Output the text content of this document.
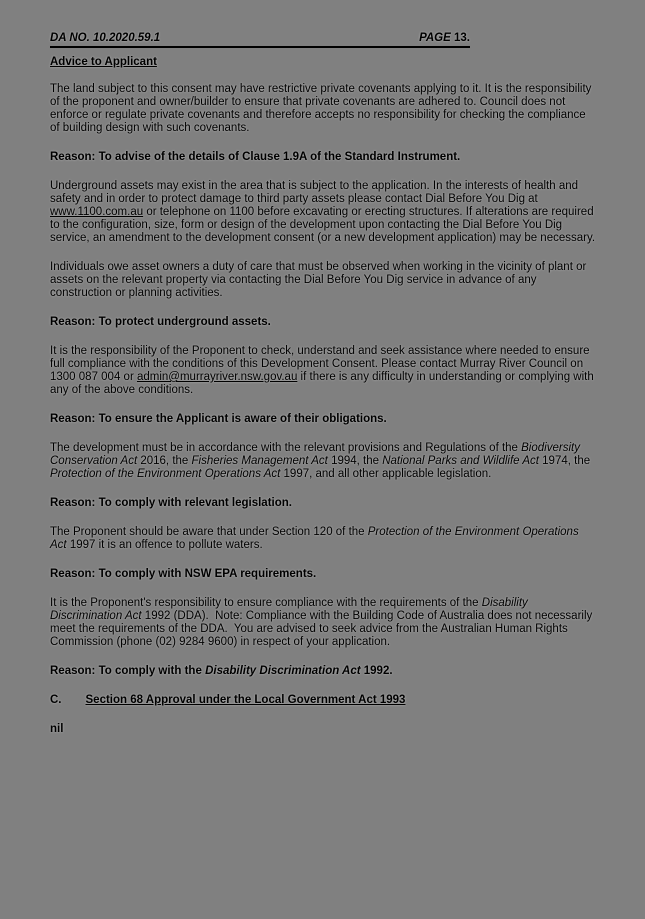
DA NO. 10.2020.59.1	PAGE 13.

Advice to Applicant

The land subject to this consent may have restrictive private covenants applying to it. It is the responsibility of the proponent and owner/builder to ensure that private covenants are adhered to. Council does not enforce or regulate private covenants and therefore accepts no responsibility for checking the compliance of building design with such covenants.

Reason: To advise of the details of Clause 1.9A of the Standard Instrument.

Underground assets may exist in the area that is subject to the application. In the interests of health and safety and in order to protect damage to third party assets please contact Dial Before You Dig at www.1100.com.au or telephone on 1100 before excavating or erecting structures. If alterations are required to the configuration, size, form or design of the development upon contacting the Dial Before You Dig service, an amendment to the development consent (or a new development application) may be necessary.

Individuals owe asset owners a duty of care that must be observed when working in the vicinity of plant or assets on the relevant property via contacting the Dial Before You Dig service in advance of any construction or planning activities.

Reason: To protect underground assets.

It is the responsibility of the Proponent to check, understand and seek assistance where needed to ensure full compliance with the conditions of this Development Consent. Please contact Murray River Council on 1300 087 004 or admin@murrayriver.nsw.gov.au if there is any difficulty in understanding or complying with any of the above conditions.

Reason: To ensure the Applicant is aware of their obligations.

The development must be in accordance with the relevant provisions and Regulations of the Biodiversity Conservation Act 2016, the Fisheries Management Act 1994, the National Parks and Wildlife Act 1974, the Protection of the Environment Operations Act 1997, and all other applicable legislation.

Reason: To comply with relevant legislation.

The Proponent should be aware that under Section 120 of the Protection of the Environment Operations Act 1997 it is an offence to pollute waters.

Reason: To comply with NSW EPA requirements.

It is the Proponent's responsibility to ensure compliance with the requirements of the Disability Discrimination Act 1992 (DDA).  Note: Compliance with the Building Code of Australia does not necessarily meet the requirements of the DDA.  You are advised to seek advice from the Australian Human Rights Commission (phone (02) 9284 9600) in respect of your application.

Reason: To comply with the Disability Discrimination Act 1992.

C. Section 68 Approval under the Local Government Act 1993

nil
